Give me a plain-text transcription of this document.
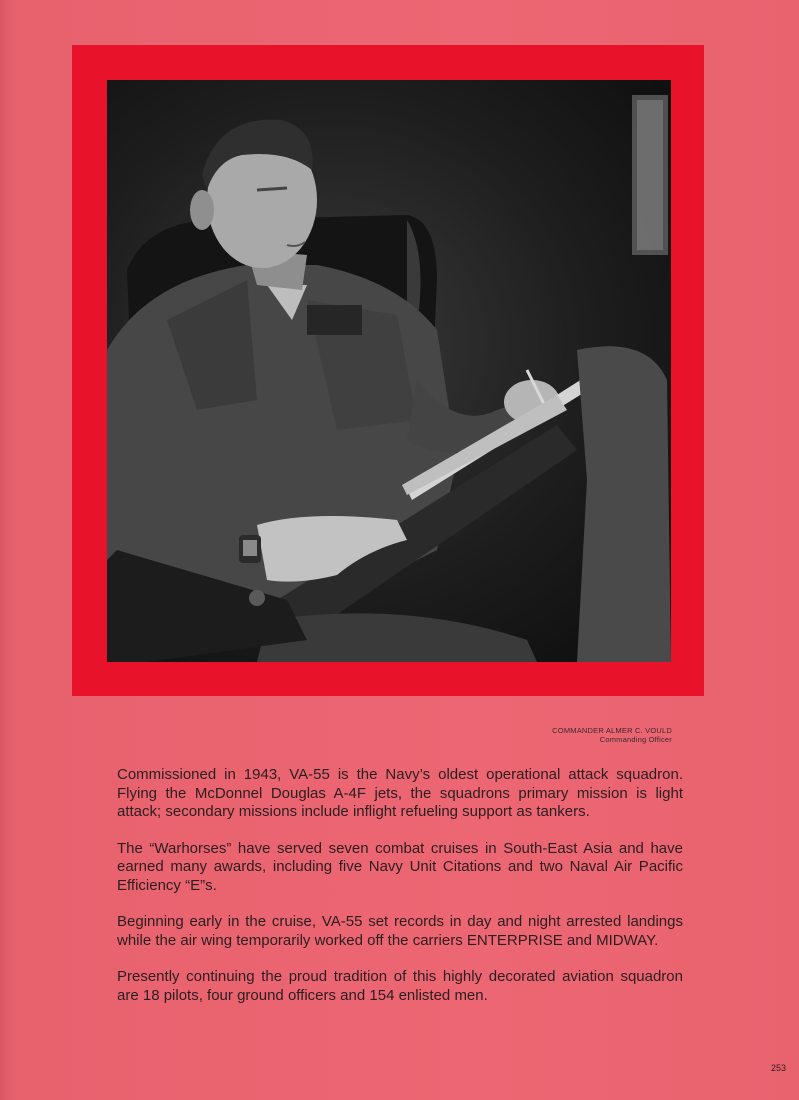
COMMANDER ALMER C. VOULD
Commanding Officer

Commissioned in 1943, VA-55 is the Navy’s oldest operational attack squadron. Flying the McDonnel Douglas A-4F jets, the squadrons primary mission is light attack; secondary missions include inflight refueling support as tankers.

The “Warhorses” have served seven combat cruises in South-East Asia and have earned many awards, including five Navy Unit Citations and two Naval Air Pacific Efficiency “E”s.

Beginning early in the cruise, VA-55 set records in day and night arrested landings while the air wing temporarily worked off the carriers ENTERPRISE and MIDWAY.

Presently continuing the proud tradition of this highly decorated aviation squadron are 18 pilots, four ground officers and 154 enlisted men.

253
